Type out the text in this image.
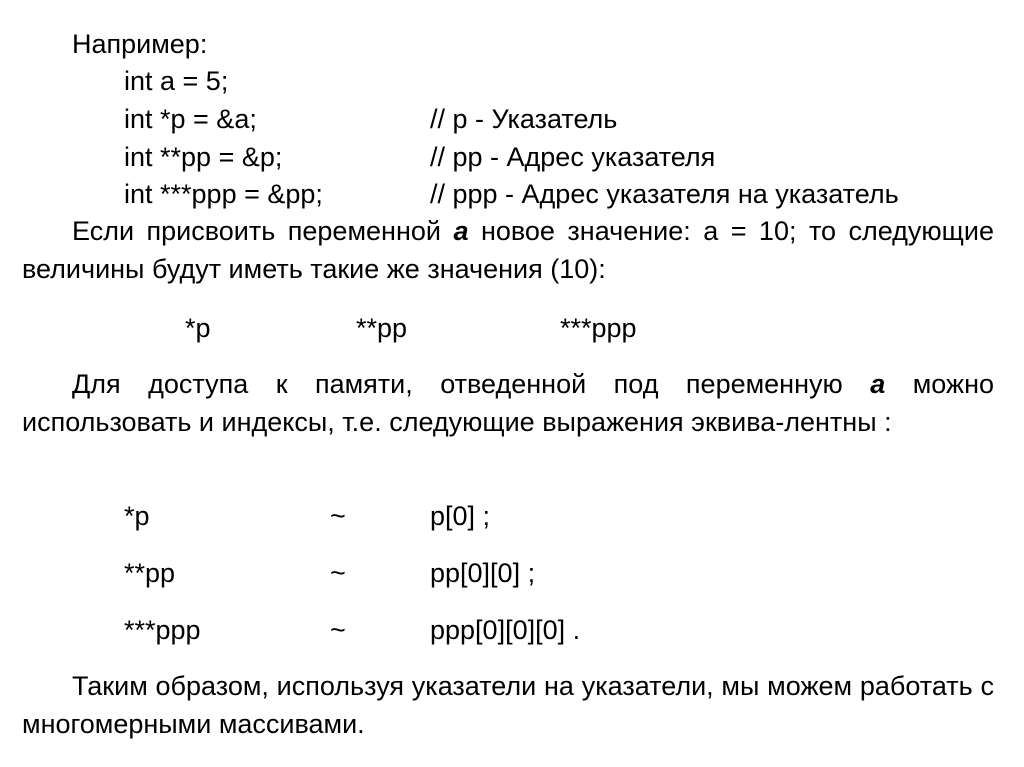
Например:
int a = 5;
int *p = &a;	// p - Указатель
int **pp = &p;	// pp - Адрес указателя
int ***ppp = &pp;	// ppp - Адрес указателя на указатель
Если присвоить переменной а новое значение: a = 10; то следующие величины будут иметь такие же значения (10):
*p	**pp	***ppp
Для доступа к памяти, отведенной под переменную а можно использовать и индексы, т.е. следующие выражения эквива-лентны :
*p	~	p[0] ;
**pp	~	pp[0][0] ;
***ppp	~	ppp[0][0][0] .
Таким образом, используя указатели на указатели, мы можем работать с многомерными массивами.
